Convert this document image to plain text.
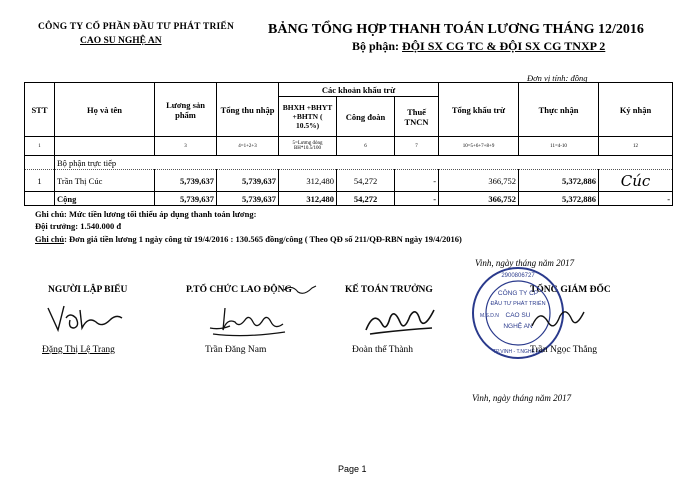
CÔNG TY CỔ PHẦN ĐẦU TƯ PHÁT TRIỂN
CAO SU NGHỆ AN
BẢNG TỔNG HỢP THANH TOÁN LƯƠNG THÁNG 12/2016
Bộ phận: ĐỘI SX CG TC & ĐỘI SX CG TNXP 2
Đơn vị tính: đồng
STT	Họ và tên	Lương sản phẩm	Tổng thu nhập	Các khoản khấu trừ			Tổng khấu trừ	Thực nhận	Ký nhận
				BHXH +BHYT +BHTN ( 10.5%)	Công đoàn	Thuế TNCN			
1		3	4=1+2+3	5=Lương đóng BH*10.5/100	6	7	10=5+6+7+8+9	11=4-10	12
	Bộ phận trực tiếp								
1	Trần Thị Cúc	5,739,637	5,739,637	312,480	54,272	-	366,752	5,372,886	Cúc
	Cộng	5,739,637	5,739,637	312,480	54,272	-	366,752	5,372,886	-
Ghi chú: Mức tiền lương tối thiểu áp dụng thanh toán lương:
Đội trưởng: 1.540.000 đ
Ghi chú: Đơn giá tiền lương 1 ngày công từ 19/4/2016 : 130.565 đồng/công ( Theo QĐ số 211/QĐ-RBN ngày 19/4/2016)
Vinh, ngày tháng năm 2017
NGƯỜI LẬP BIỂU	P.TỔ CHỨC LAO ĐỘNG	KẾ TOÁN TRƯỞNG	TỔNG GIÁM ĐỐC
2900806727
CÔNG TY CP
ĐẦU TƯ PHÁT TRIỂN
CAO SU
NGHỆ AN
TP.VINH - T.NGHỆ AN
M.S.D.N
Đặng Thị Lệ Trang	Trần Đăng Nam	Đoàn thế Thành	Trần Ngọc Thắng
Vinh, ngày tháng năm 2017
Page 1
